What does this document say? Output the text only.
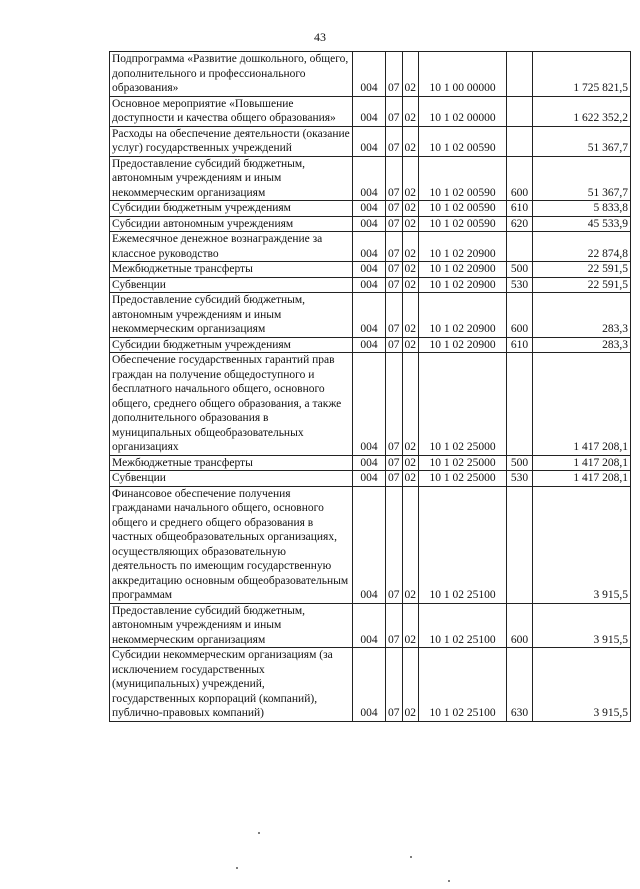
43
Подпрограмма «Развитие дошкольного, общего, дополнительного и профессионального образования»	004	07	02	10 1 00 00000		1 725 821,5
Основное мероприятие «Повышение доступности и качества общего образования»	004	07	02	10 1 02 00000		1 622 352,2
Расходы на обеспечение деятельности (оказание услуг) государственных учреждений	004	07	02	10 1 02 00590		51 367,7
Предоставление субсидий бюджетным, автономным учреждениям и иным некоммерческим организациям	004	07	02	10 1 02 00590	600	51 367,7
Субсидии бюджетным учреждениям	004	07	02	10 1 02 00590	610	5 833,8
Субсидии автономным учреждениям	004	07	02	10 1 02 00590	620	45 533,9
Ежемесячное денежное вознаграждение за классное руководство	004	07	02	10 1 02 20900		22 874,8
Межбюджетные трансферты	004	07	02	10 1 02 20900	500	22 591,5
Субвенции	004	07	02	10 1 02 20900	530	22 591,5
Предоставление субсидий бюджетным, автономным учреждениям и иным некоммерческим организациям	004	07	02	10 1 02 20900	600	283,3
Субсидии бюджетным учреждениям	004	07	02	10 1 02 20900	610	283,3
Обеспечение государственных гарантий прав граждан на получение общедоступного и бесплатного начального общего, основного общего, среднего общего образования, а также дополнительного образования в муниципальных общеобразовательных организациях	004	07	02	10 1 02 25000		1 417 208,1
Межбюджетные трансферты	004	07	02	10 1 02 25000	500	1 417 208,1
Субвенции	004	07	02	10 1 02 25000	530	1 417 208,1
Финансовое обеспечение получения гражданами начального общего, основного общего и среднего общего образования в частных общеобразовательных организациях, осуществляющих образовательную деятельность по имеющим государственную аккредитацию основным общеобразовательным программам	004	07	02	10 1 02 25100		3 915,5
Предоставление субсидий бюджетным, автономным учреждениям и иным некоммерческим организациям	004	07	02	10 1 02 25100	600	3 915,5
Субсидии некоммерческим организациям (за исключением государственных (муниципальных) учреждений, государственных корпораций (компаний), публично-правовых компаний)	004	07	02	10 1 02 25100	630	3 915,5
